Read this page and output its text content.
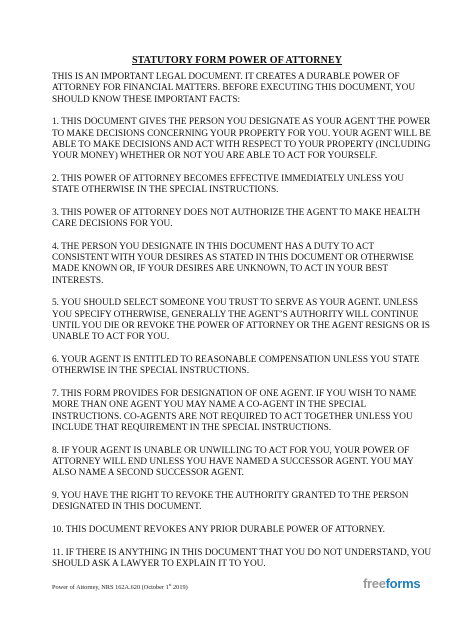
STATUTORY FORM POWER OF ATTORNEY

THIS IS AN IMPORTANT LEGAL DOCUMENT. IT CREATES A DURABLE POWER OF ATTORNEY FOR FINANCIAL MATTERS. BEFORE EXECUTING THIS DOCUMENT, YOU SHOULD KNOW THESE IMPORTANT FACTS:

1. THIS DOCUMENT GIVES THE PERSON YOU DESIGNATE AS YOUR AGENT THE POWER TO MAKE DECISIONS CONCERNING YOUR PROPERTY FOR YOU. YOUR AGENT WILL BE ABLE TO MAKE DECISIONS AND ACT WITH RESPECT TO YOUR PROPERTY (INCLUDING YOUR MONEY) WHETHER OR NOT YOU ARE ABLE TO ACT FOR YOURSELF.

2. THIS POWER OF ATTORNEY BECOMES EFFECTIVE IMMEDIATELY UNLESS YOU STATE OTHERWISE IN THE SPECIAL INSTRUCTIONS.

3. THIS POWER OF ATTORNEY DOES NOT AUTHORIZE THE AGENT TO MAKE HEALTH CARE DECISIONS FOR YOU.

4. THE PERSON YOU DESIGNATE IN THIS DOCUMENT HAS A DUTY TO ACT CONSISTENT WITH YOUR DESIRES AS STATED IN THIS DOCUMENT OR OTHERWISE MADE KNOWN OR, IF YOUR DESIRES ARE UNKNOWN, TO ACT IN YOUR BEST INTERESTS.

5. YOU SHOULD SELECT SOMEONE YOU TRUST TO SERVE AS YOUR AGENT. UNLESS YOU SPECIFY OTHERWISE, GENERALLY THE AGENT’S AUTHORITY WILL CONTINUE UNTIL YOU DIE OR REVOKE THE POWER OF ATTORNEY OR THE AGENT RESIGNS OR IS UNABLE TO ACT FOR YOU.

6. YOUR AGENT IS ENTITLED TO REASONABLE COMPENSATION UNLESS YOU STATE OTHERWISE IN THE SPECIAL INSTRUCTIONS.

7. THIS FORM PROVIDES FOR DESIGNATION OF ONE AGENT. IF YOU WISH TO NAME MORE THAN ONE AGENT YOU MAY NAME A CO-AGENT IN THE SPECIAL INSTRUCTIONS. CO-AGENTS ARE NOT REQUIRED TO ACT TOGETHER UNLESS YOU INCLUDE THAT REQUIREMENT IN THE SPECIAL INSTRUCTIONS.

8. IF YOUR AGENT IS UNABLE OR UNWILLING TO ACT FOR YOU, YOUR POWER OF ATTORNEY WILL END UNLESS YOU HAVE NAMED A SUCCESSOR AGENT. YOU MAY ALSO NAME A SECOND SUCCESSOR AGENT.

9. YOU HAVE THE RIGHT TO REVOKE THE AUTHORITY GRANTED TO THE PERSON DESIGNATED IN THIS DOCUMENT.

10. THIS DOCUMENT REVOKES ANY PRIOR DURABLE POWER OF ATTORNEY.

11. IF THERE IS ANYTHING IN THIS DOCUMENT THAT YOU DO NOT UNDERSTAND, YOU SHOULD ASK A LAWYER TO EXPLAIN IT TO YOU.

Power of Attorney, NRS 162A.620 (October 1st 2019)	freeforms
